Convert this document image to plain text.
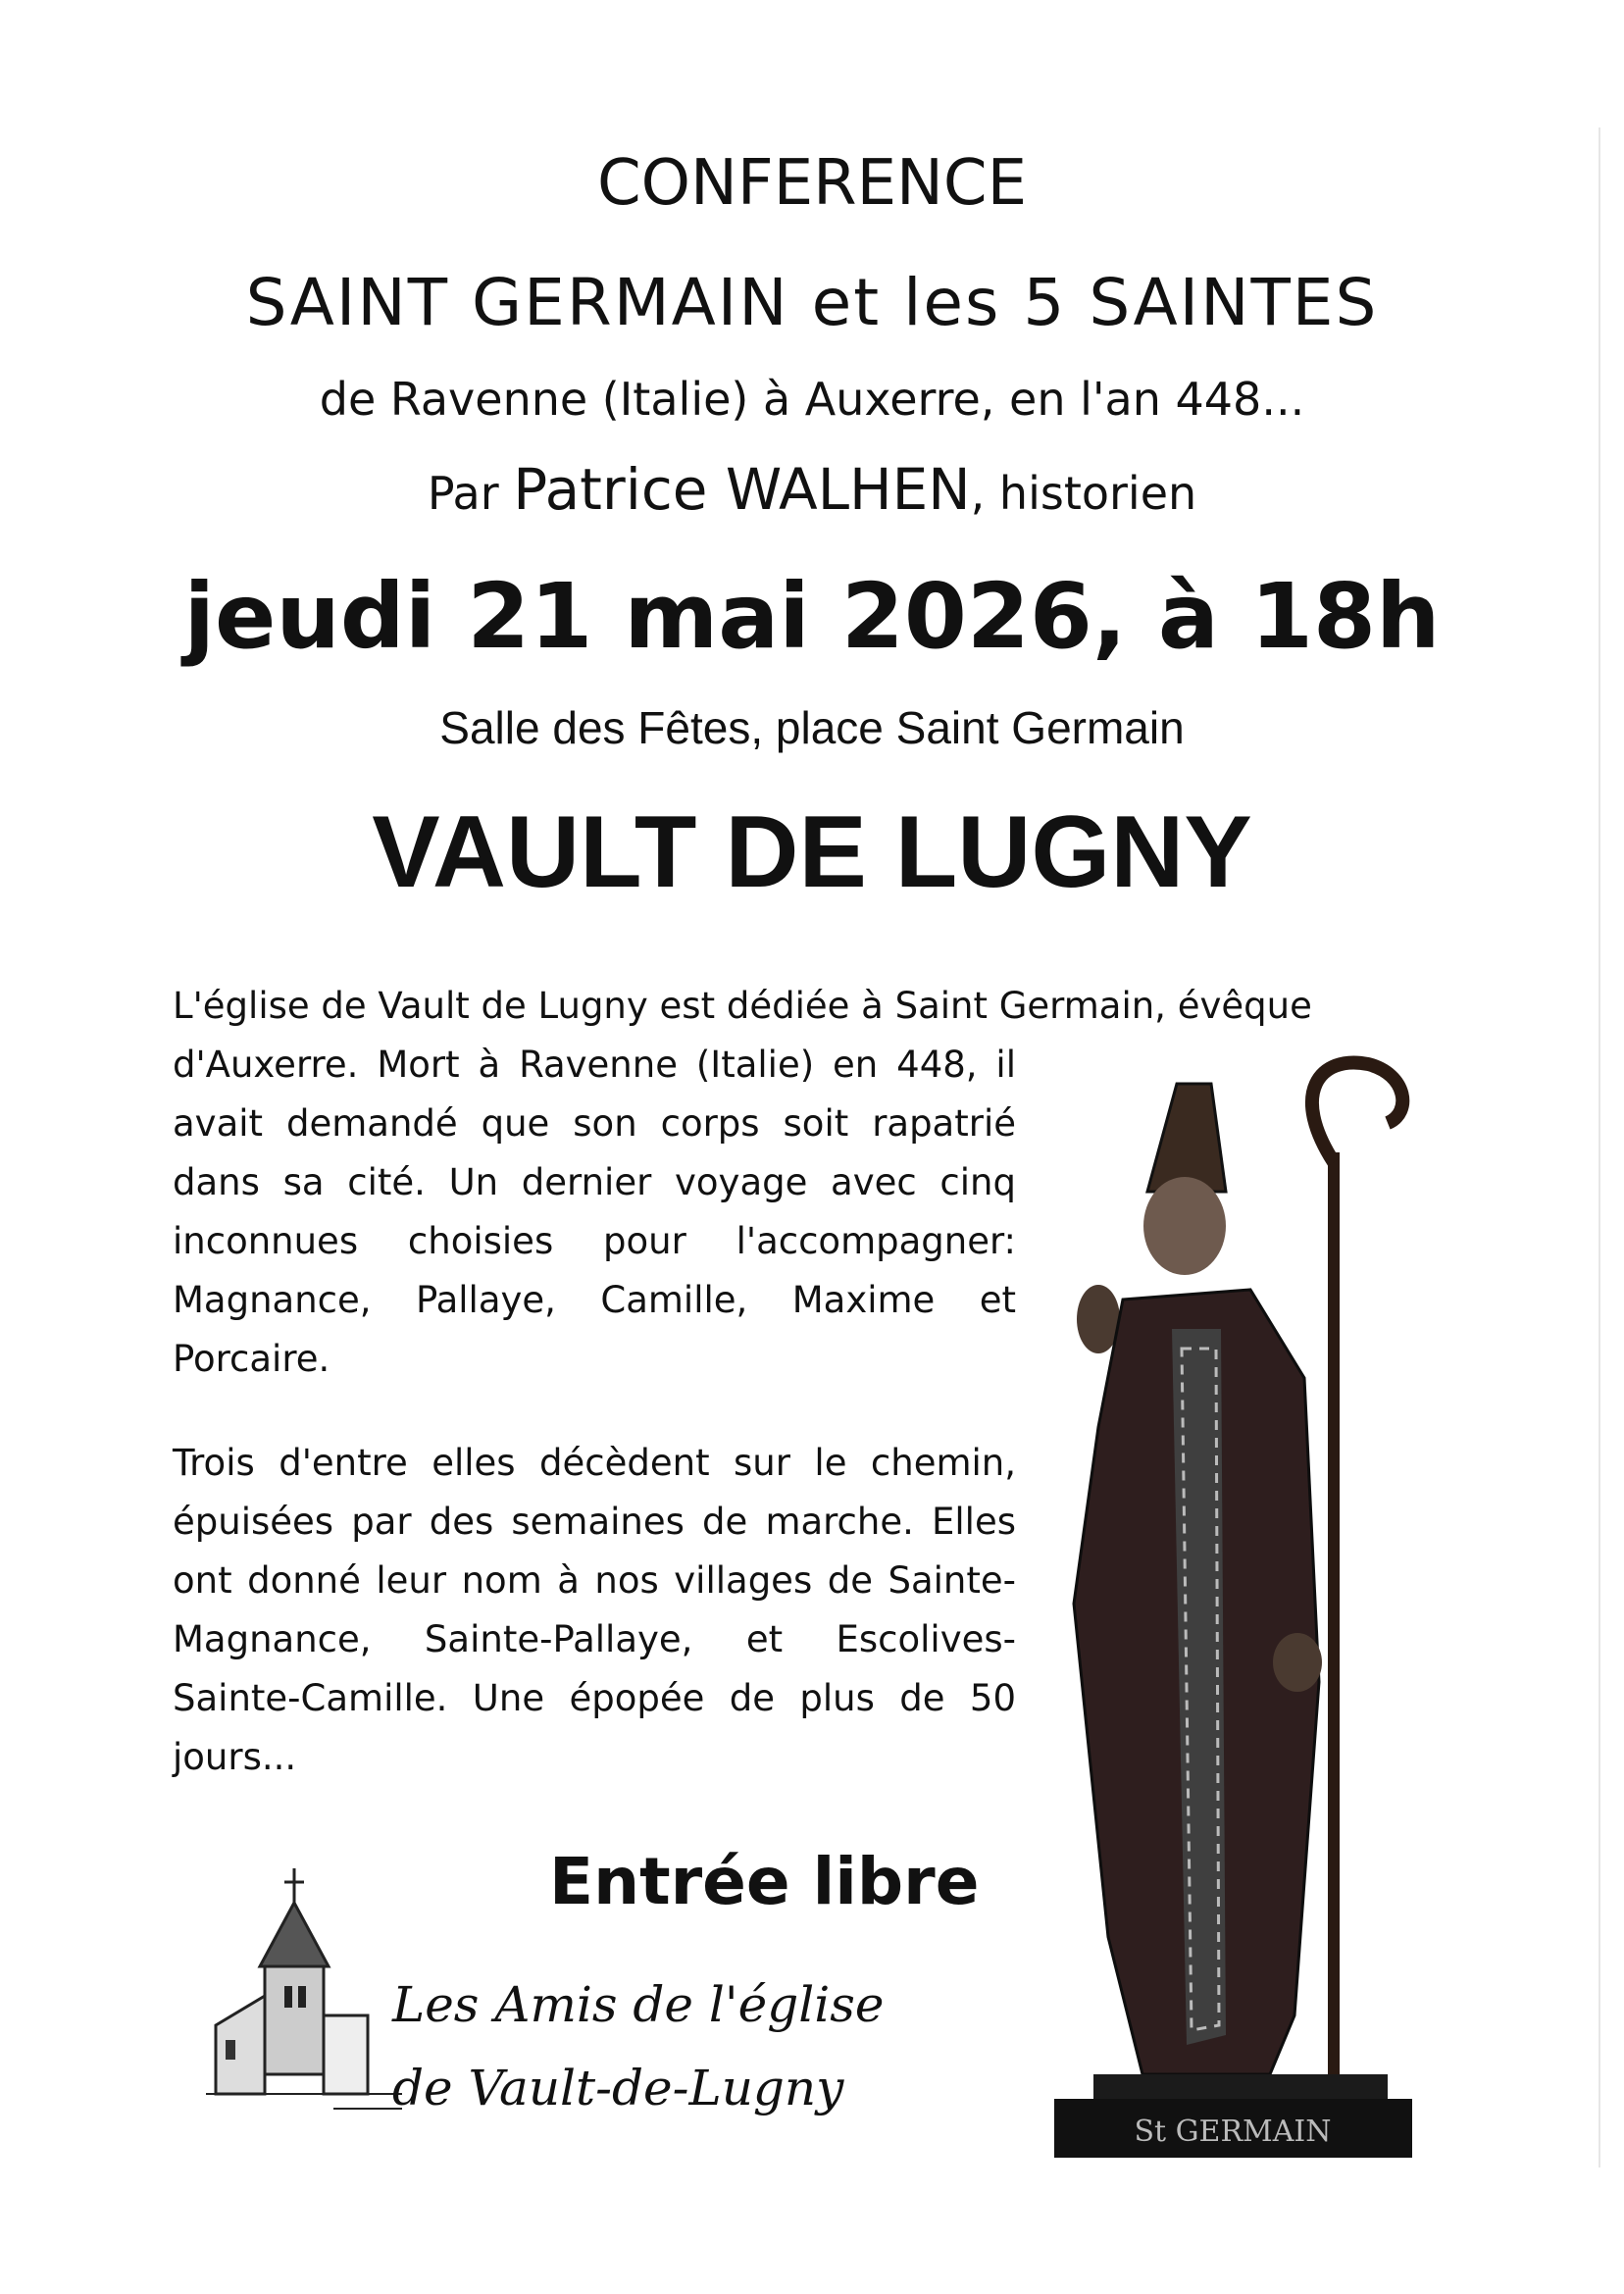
CONFERENCE
SAINT GERMAIN et les 5 SAINTES
de Ravenne (Italie) à Auxerre, en l'an 448...
Par Patrice WALHEN, historien
jeudi 21 mai 2026, à 18h
Salle des Fêtes, place Saint Germain
VAULT DE LUGNY
L'église de Vault de Lugny est dédiée à Saint Germain, évêque
d'Auxerre. Mort à Ravenne (Italie) en 448, il avait demandé que son corps soit rapatrié dans sa cité. Un dernier voyage avec cinq inconnues choisies pour l'accompagner: Magnance, Pallaye, Camille, Maxime et Porcaire.
Trois d'entre elles décèdent sur le chemin, épuisées par des semaines de marche. Elles ont donné leur nom à nos villages de Sainte-Magnance, Sainte-Pallaye, et Escolives-Sainte-Camille. Une épopée de plus de 50 jours...
Entrée libre
Les Amis de l'église
de Vault-de-Lugny
St GERMAIN
